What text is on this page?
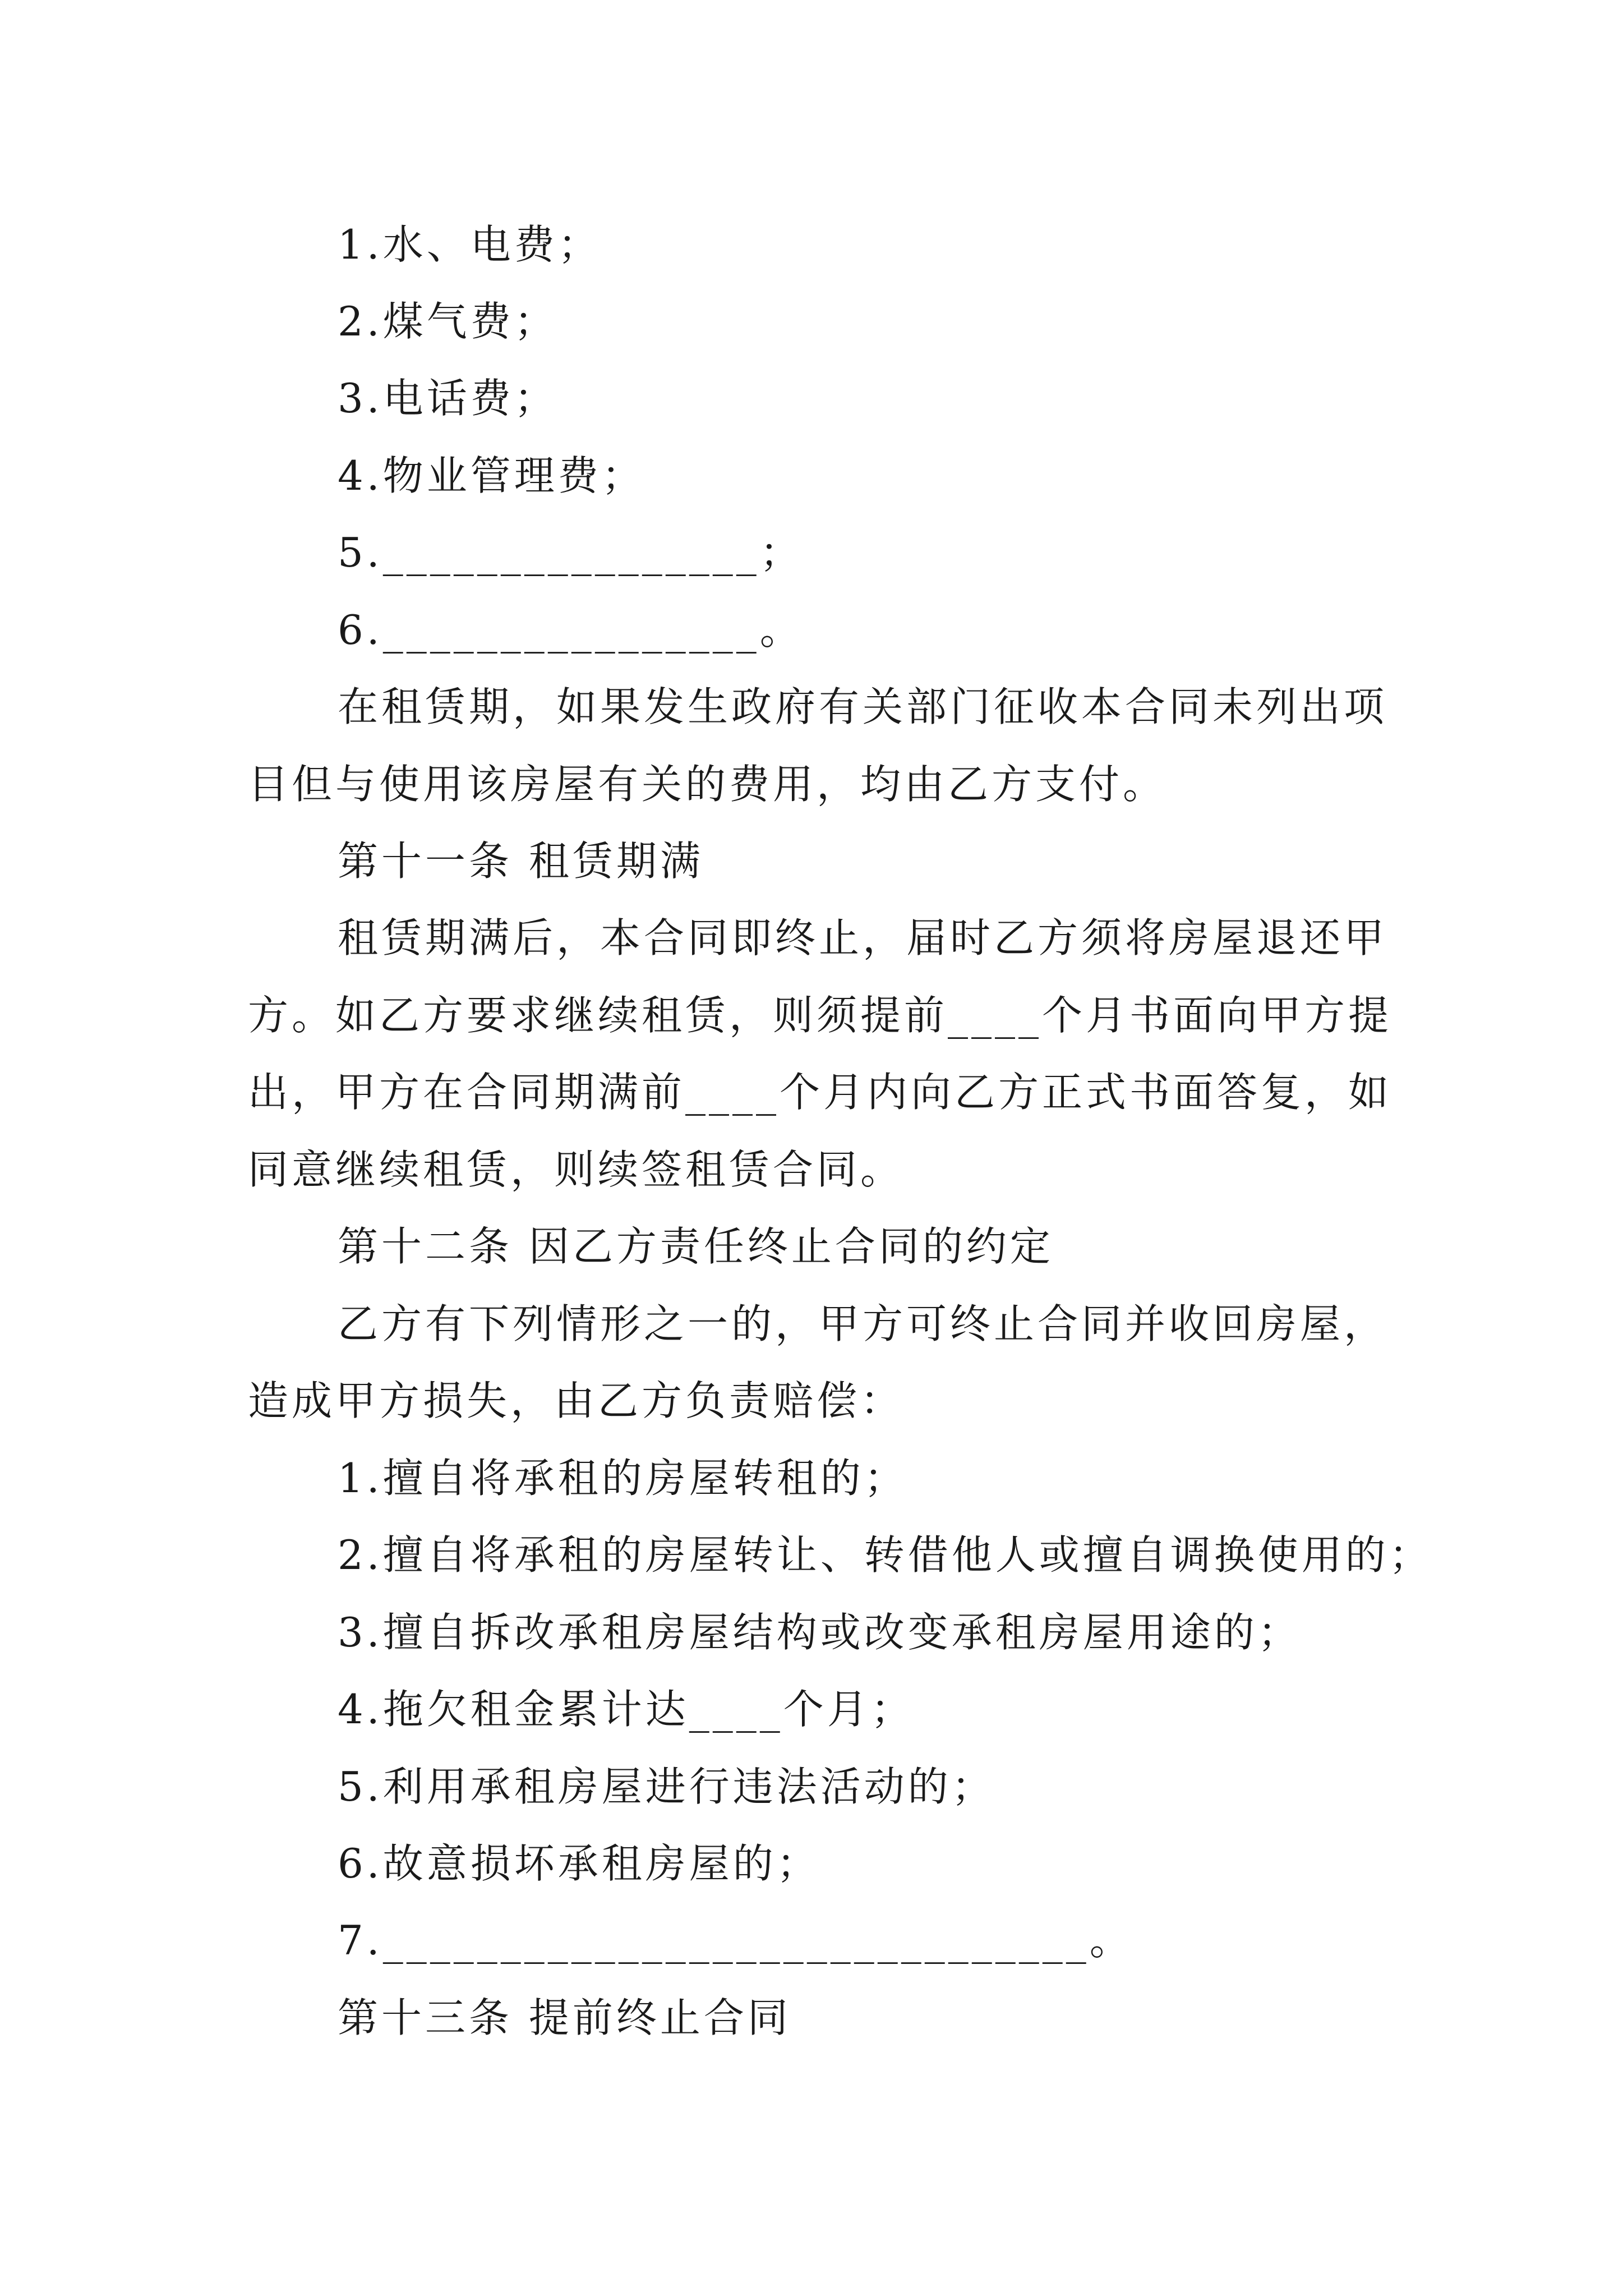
1.水、电费；
2.煤气费；
3.电话费；
4.物业管理费；
5.________________；
6.________________。
在租赁期，如果发生政府有关部门征收本合同未列出项
目但与使用该房屋有关的费用，均由乙方支付。
第十一条 租赁期满
租赁期满后，本合同即终止，届时乙方须将房屋退还甲
方。如乙方要求继续租赁，则须提前____个月书面向甲方提
出，甲方在合同期满前____个月内向乙方正式书面答复，如
同意继续租赁，则续签租赁合同。
第十二条 因乙方责任终止合同的约定
乙方有下列情形之一的，甲方可终止合同并收回房屋，
造成甲方损失，由乙方负责赔偿：
1.擅自将承租的房屋转租的；
2.擅自将承租的房屋转让、转借他人或擅自调换使用的；
3.擅自拆改承租房屋结构或改变承租房屋用途的；
4.拖欠租金累计达____个月；
5.利用承租房屋进行违法活动的；
6.故意损坏承租房屋的；
7.______________________________。
第十三条 提前终止合同
